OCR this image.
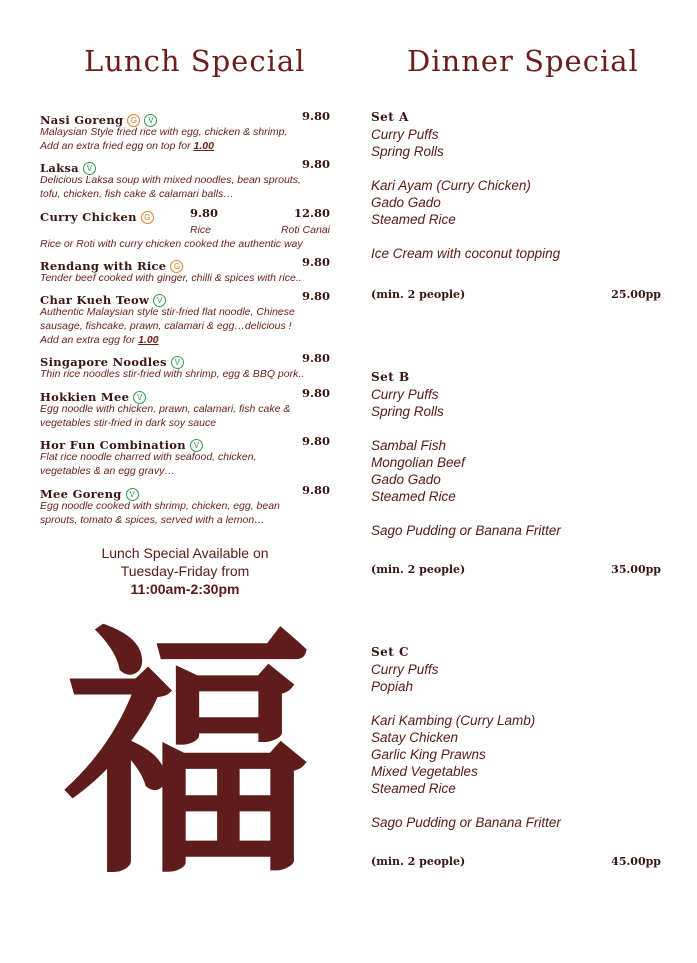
Lunch Special	Dinner Special
Nasi Goreng G V	9.80
Malaysian Style fried rice with egg, chicken & shrimp.
Add an extra fried egg on top for 1.00
Laksa V	9.80
Delicious Laksa soup with mixed noodles, bean sprouts,
tofu, chicken, fish cake & calamari balls…
Curry Chicken G	9.80	12.80
Rice	Roti Canai
Rice or Roti with curry chicken cooked the authentic way
Rendang with Rice G	9.80
Tender beef cooked with ginger, chilli & spices with rice..
Char Kueh Teow V	9.80
Authentic Malaysian style stir-fried flat noodle, Chinese
sausage, fishcake, prawn, calamari & egg…delicious !
Add an extra egg for 1.00
Singapore Noodles V	9.80
Thin rice noodles stir-fried with shrimp, egg & BBQ pork..
Hokkien Mee V	9.80
Egg noodle with chicken, prawn, calamari, fish cake &
vegetables stir-fried in dark soy sauce
Hor Fun Combination V	9.80
Flat rice noodle charred with seafood, chicken,
vegetables & an egg gravy…
Mee Goreng V	9.80
Egg noodle cooked with shrimp, chicken, egg, bean
sprouts, tomato & spices, served with a lemon…
Lunch Special Available on
Tuesday-Friday from
11:00am-2:30pm
福
Set A
Curry Puffs
Spring Rolls
Kari Ayam (Curry Chicken)
Gado Gado
Steamed Rice
Ice Cream with coconut topping
(min. 2 people)	25.00pp
Set B
Curry Puffs
Spring Rolls
Sambal Fish
Mongolian Beef
Gado Gado
Steamed Rice
Sago Pudding or Banana Fritter
(min. 2 people)	35.00pp
Set C
Curry Puffs
Popiah
Kari Kambing (Curry Lamb)
Satay Chicken
Garlic King Prawns
Mixed Vegetables
Steamed Rice
Sago Pudding or Banana Fritter
(min. 2 people)	45.00pp
